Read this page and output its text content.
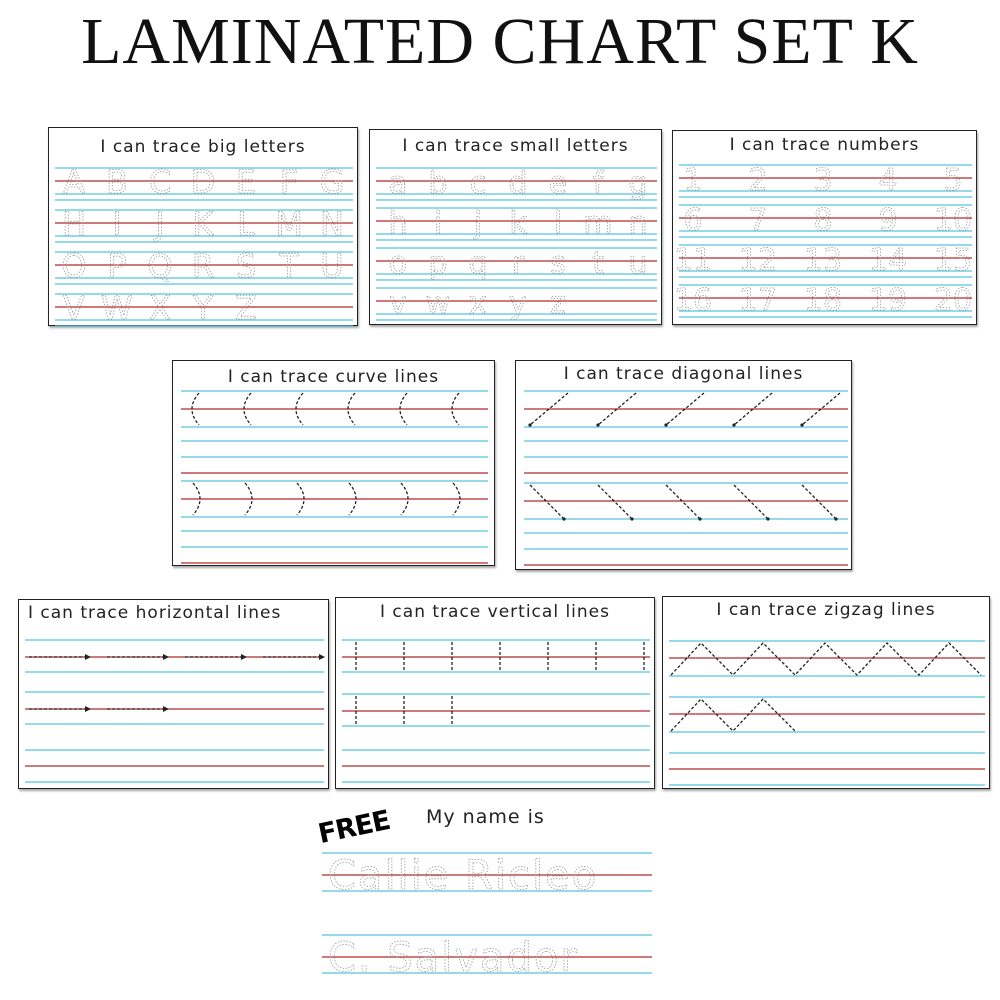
LAMINATED CHART SET K
I can trace big letters
A B C D E F G
H I J K L M N
O P Q R S T U
V W X Y Z
I can trace small letters
a b c d e f g
h i j k l m n
o p q r s t u
v w x y z
I can trace numbers
1 2 3 4 5
6 7 8 9 10
11 12 13 14 15
16 17 18 19 20
I can trace curve lines	I can trace diagonal lines
I can trace horizontal lines	I can trace vertical lines	I can trace zigzag lines
FREE My name is
Callie Ricleo
C. Salvador
